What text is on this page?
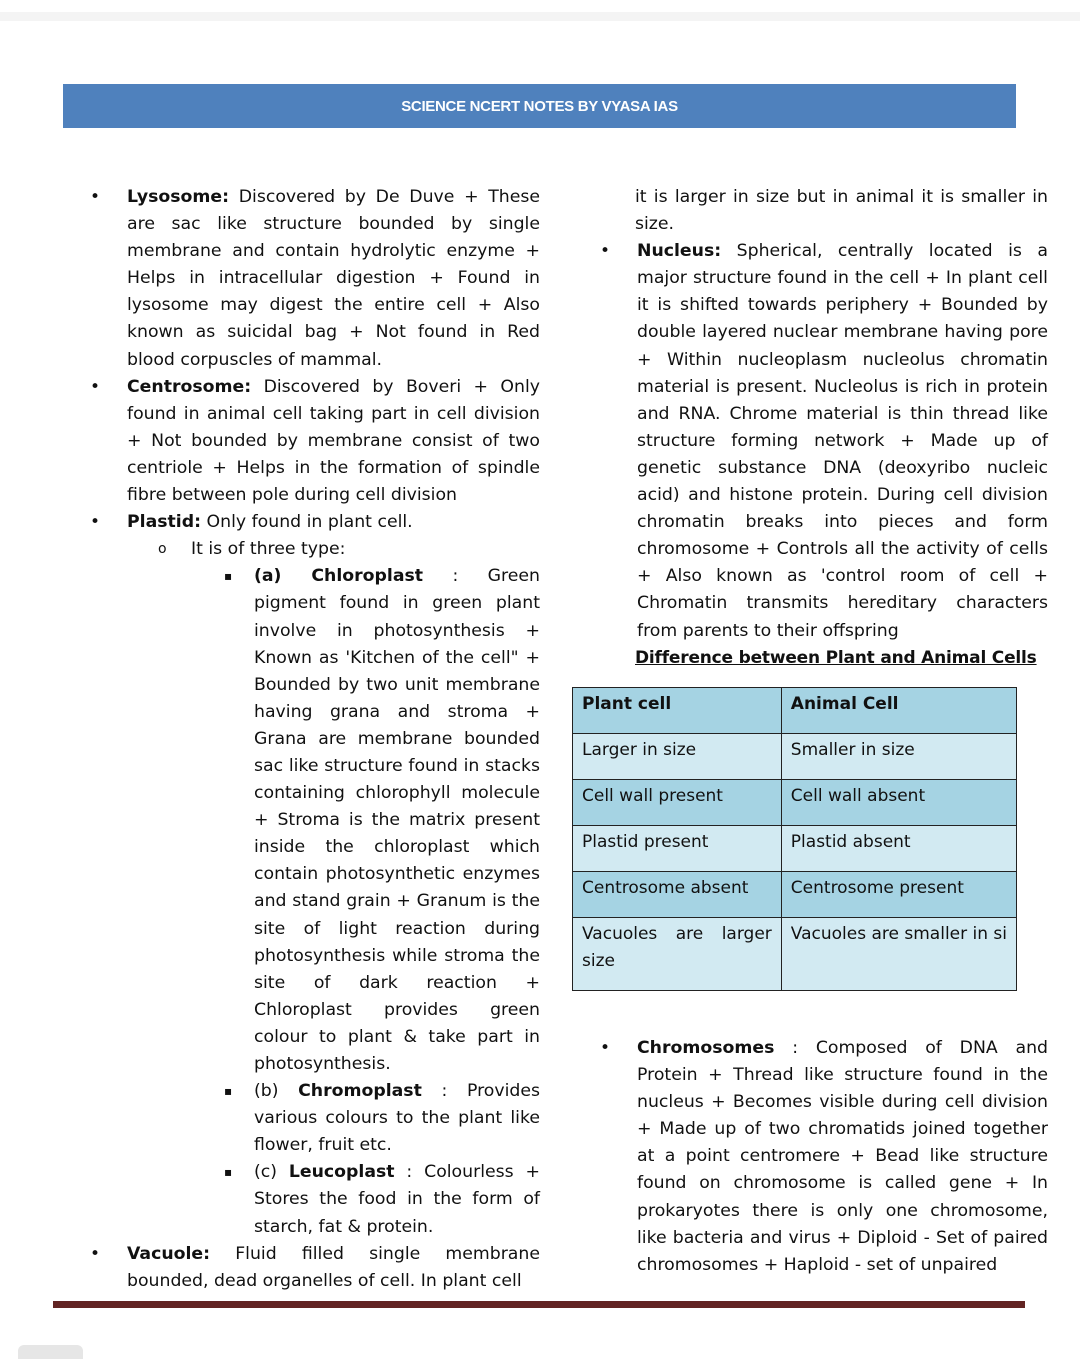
SCIENCE NCERT NOTES BY VYASA IAS
• Lysosome: Discovered by De Duve + These are sac like structure bounded by single membrane and contain hydrolytic enzyme + Helps in intracellular digestion + Found in lysosome may digest the entire cell + Also known as suicidal bag + Not found in Red blood corpuscles of mammal.
• Centrosome: Discovered by Boveri + Only found in animal cell taking part in cell division + Not bounded by membrane consist of two centriole + Helps in the formation of spindle fibre between pole during cell division
• Plastid: Only found in plant cell.
o It is of three type:
▪ (a) Chloroplast : Green pigment found in green plant involve in photosynthesis + Known as 'Kitchen of the cell" + Bounded by two unit membrane having grana and stroma + Grana are membrane bounded sac like structure found in stacks containing chlorophyll molecule + Stroma is the matrix present inside the chloroplast which contain photosynthetic enzymes and stand grain + Granum is the site of light reaction during photosynthesis while stroma the site of dark reaction + Chloroplast provides green colour to plant & take part in photosynthesis.
▪ (b) Chromoplast : Provides various colours to the plant like flower, fruit etc.
▪ (c) Leucoplast : Colourless + Stores the food in the form of starch, fat & protein.
• Vacuole: Fluid filled single membrane bounded, dead organelles of cell. In plant cell
it is larger in size but in animal it is smaller in size.
• Nucleus: Spherical, centrally located is a major structure found in the cell + In plant cell it is shifted towards periphery + Bounded by double layered nuclear membrane having pore + Within nucleoplasm nucleolus chromatin material is present. Nucleolus is rich in protein and RNA. Chrome material is thin thread like structure forming network + Made up of genetic substance DNA (deoxyribo nucleic acid) and histone protein. During cell division chromatin breaks into pieces and form chromosome + Controls all the activity of cells + Also known as 'control room of cell + Chromatin transmits hereditary characters from parents to their offspring
Difference between Plant and Animal Cells
Plant cell	Animal Cell
Larger in size	Smaller in size
Cell wall present	Cell wall absent
Plastid present	Plastid absent
Centrosome absent	Centrosome present
Vacuoles are larger size	Vacuoles are smaller in si
• Chromosomes : Composed of DNA and Protein + Thread like structure found in the nucleus + Becomes visible during cell division + Made up of two chromatids joined together at a point centromere + Bead like structure found on chromosome is called gene + In prokaryotes there is only one chromosome, like bacteria and virus + Diploid - Set of paired chromosomes + Haploid - set of unpaired
